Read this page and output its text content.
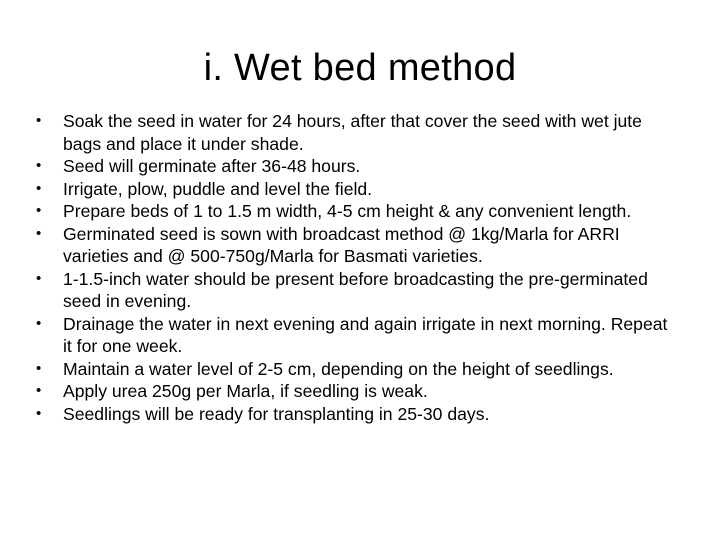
i. Wet bed method
•	Soak the seed in water for 24 hours, after that cover the seed with wet jute bags and place it under shade.
•	Seed will germinate after 36-48 hours.
•	Irrigate, plow, puddle and level the field.
•	Prepare beds of 1 to 1.5 m width, 4-5 cm height & any convenient length.
•	Germinated seed is sown with broadcast method @ 1kg/Marla for ARRI varieties and @ 500-750g/Marla for Basmati varieties.
•	1-1.5-inch water should be present before broadcasting the pre-germinated seed in evening.
•	Drainage the water in next evening and again irrigate in next morning. Repeat it for one week.
•	Maintain a water level of 2-5 cm, depending on the height of seedlings.
•	Apply urea 250g per Marla, if seedling is weak.
•	Seedlings will be ready for transplanting in 25-30 days.
